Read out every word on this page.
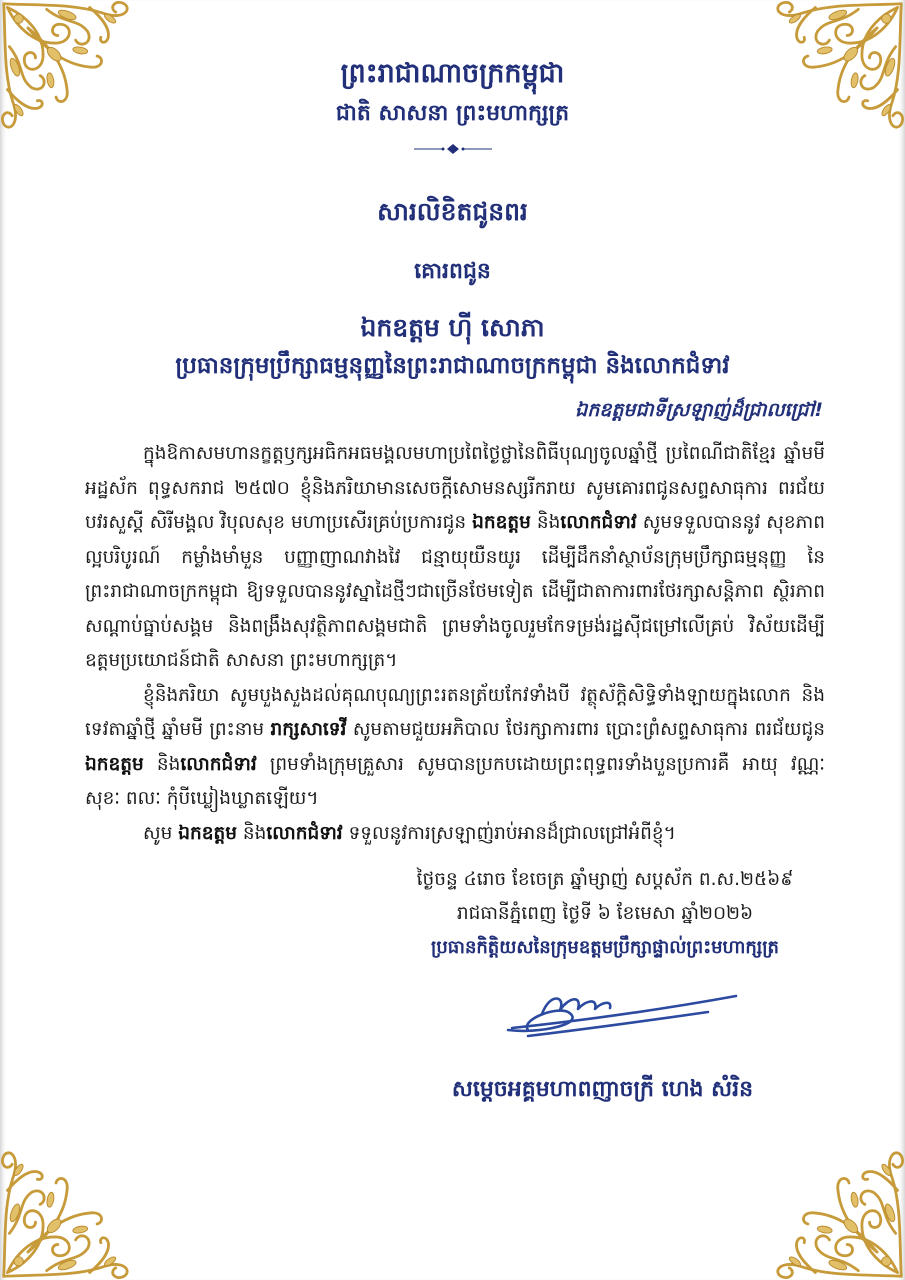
ព្រះរាជាណាចក្រកម្ពុជា
ជាតិ សាសនា ព្រះមហាក្សត្រ
សារលិខិតជូនពរ
គោរពជូន
ឯកឧត្តម ហ៊ី សោភា
ប្រធានក្រុមប្រឹក្សាធម្មនុញ្ញនៃព្រះរាជាណាចក្រកម្ពុជា និងលោកជំទាវ
ឯកឧត្តមជាទីស្រឡាញ់ដ៏ជ្រាលជ្រៅ!

ក្នុងឱកាសមហានក្ខត្តឫក្សអធិកអធមង្គលមហាប្រពៃថ្ងៃថ្លានៃពិធីបុណ្យចូលឆ្នាំថ្មី ប្រពៃណីជាតិខ្មែរ ឆ្នាំមមី អដ្ឋស័ក ពុទ្ធសករាជ ២៥៧០ ខ្ញុំនិងភរិយាមានសេចក្តីសោមនស្សរីករាយ សូមគោរពជូនសព្ទសាធុការ ពរជ័យ បវរសួស្តី សិរីមង្គល វិបុលសុខ មហាប្រសើរគ្រប់ប្រការជូន ឯកឧត្តម និងលោកជំទាវ សូមទទួលបាននូវ សុខភាពល្អបរិបូរណ៍ កម្លាំងមាំមួន បញ្ញាញាណវាងវៃ ជន្មាយុយឺនយូរ ដើម្បីដឹកនាំស្ថាប័នក្រុមប្រឹក្សាធម្មនុញ្ញ នៃព្រះរាជាណាចក្រកម្ពុជា ឱ្យទទួលបាននូវស្នាដៃថ្មីៗជាច្រើនថែមទៀត ដើម្បីជាតាការពារថែរក្សាសន្តិភាព ស្ថិរភាព សណ្តាប់ធ្នាប់សង្គម និងពង្រឹងសុវត្ថិភាពសង្គមជាតិ ព្រមទាំងចូលរួមកែទម្រង់រដ្ឋស៊ីជម្រៅលើគ្រប់ វិស័យដើម្បីឧត្តមប្រយោជន៍ជាតិ សាសនា ព្រះមហាក្សត្រ។

ខ្ញុំនិងភរិយា សូមបួងសួងដល់គុណបុណ្យព្រះរតនត្រ័យកែវទាំងបី វត្ថុស័ក្តិសិទ្ធិទាំងឡាយក្នុងលោក និងទេវតាឆ្នាំថ្មី ឆ្នាំមមី ព្រះនាម រាក្សសាទេវី សូមតាមជួយអភិបាល ថែរក្សាការពារ ប្រោះព្រំសព្ទសាធុការ ពរជ័យជូន ឯកឧត្តម និងលោកជំទាវ ព្រមទាំងក្រុមគ្រួសារ សូមបានប្រកបដោយព្រះពុទ្ធពរទាំងបួនប្រការគឺ អាយុ វណ្ណៈ សុខៈ ពលៈ កុំបីឃ្លៀងឃ្លាតឡើយ។

សូម ឯកឧត្តម និងលោកជំទាវ ទទួលនូវការស្រឡាញ់រាប់អានដ៏ជ្រាលជ្រៅអំពីខ្ញុំ។

ថ្ងៃចន្ទ ៤រោច ខែចេត្រ ឆ្នាំម្សាញ់ សប្តស័ក ព.ស.២៥៦៩
រាជធានីភ្នំពេញ ថ្ងៃទី ៦ ខែមេសា ឆ្នាំ២០២៦
ប្រធានកិត្តិយសនៃក្រុមឧត្តមប្រឹក្សាផ្ទាល់ព្រះមហាក្សត្រ
សម្តេចអគ្គមហាពញាចក្រី ហេង សំរិន
